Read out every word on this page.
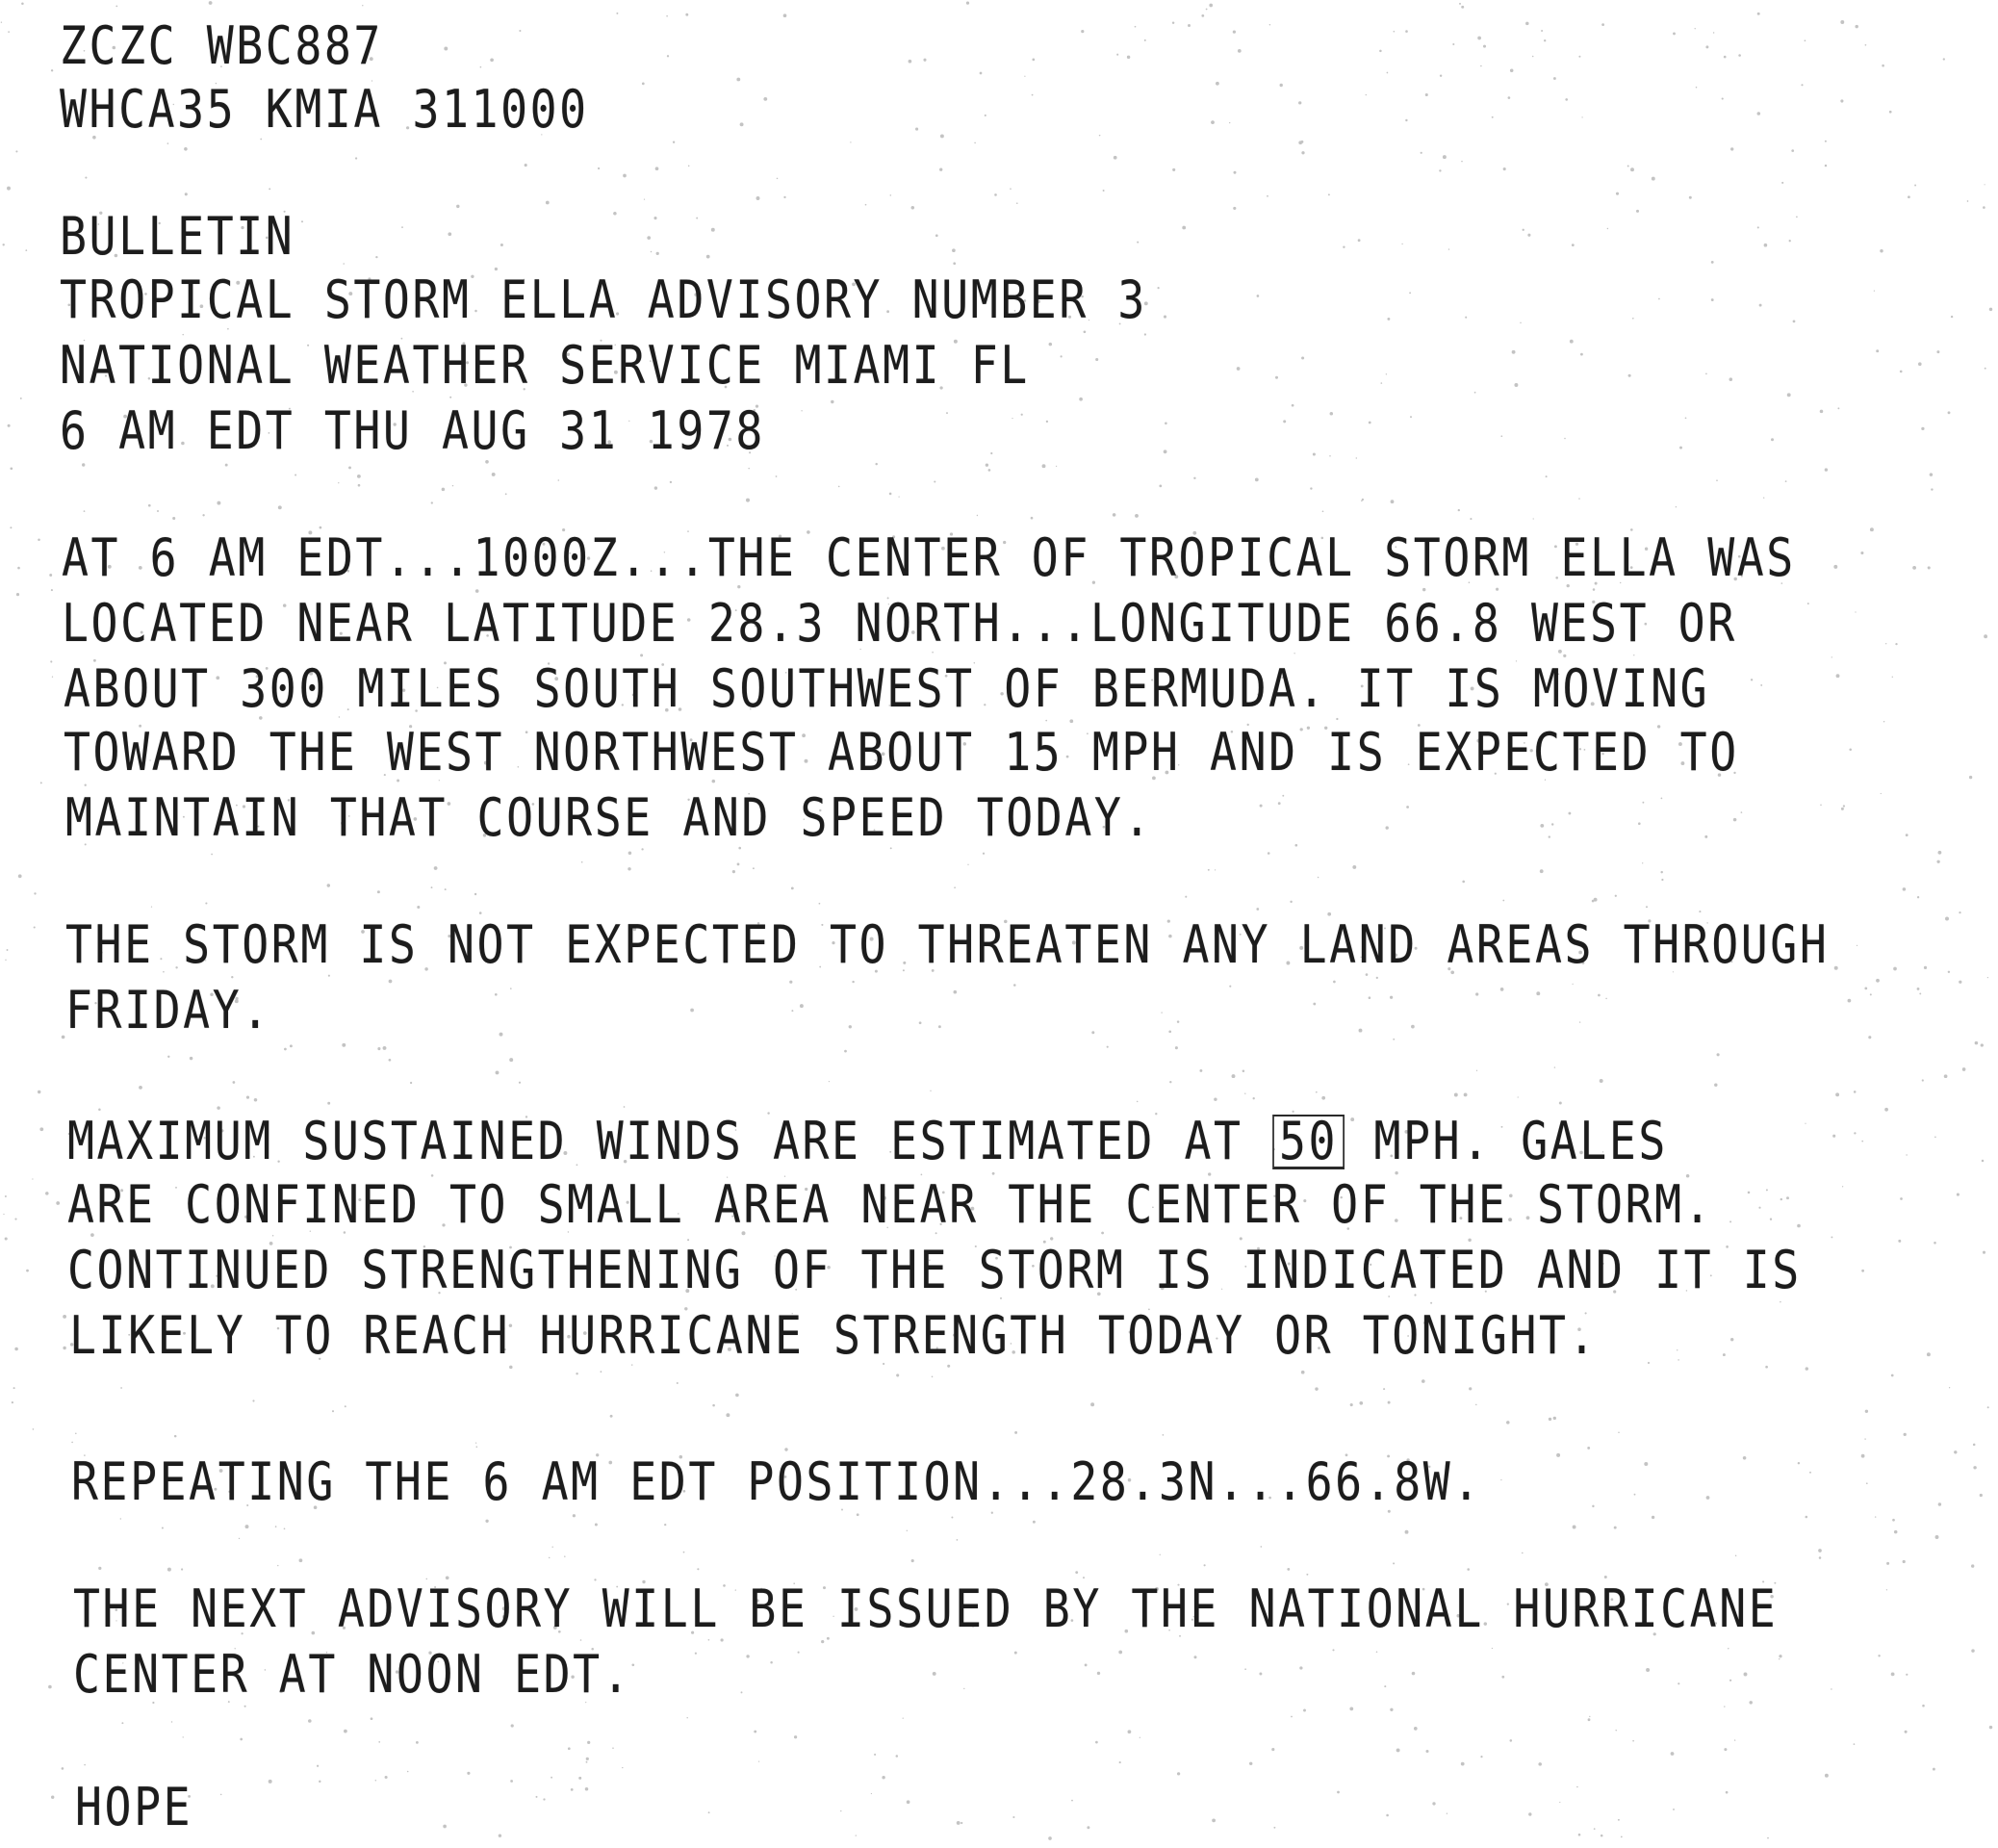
ZCZC WBC887
WHCA35 KMIA 311000
BULLETIN
TROPICAL STORM ELLA ADVISORY NUMBER 3
NATIONAL WEATHER SERVICE MIAMI FL
6 AM EDT THU AUG 31 1978
AT 6 AM EDT...1000Z...THE CENTER OF TROPICAL STORM ELLA WAS
LOCATED NEAR LATITUDE 28.3 NORTH...LONGITUDE 66.8 WEST OR
ABOUT 300 MILES SOUTH SOUTHWEST OF BERMUDA. IT IS MOVING
TOWARD THE WEST NORTHWEST ABOUT 15 MPH AND IS EXPECTED TO
MAINTAIN THAT COURSE AND SPEED TODAY.
THE STORM IS NOT EXPECTED TO THREATEN ANY LAND AREAS THROUGH
FRIDAY.
MAXIMUM SUSTAINED WINDS ARE ESTIMATED AT 50 MPH. GALES
ARE CONFINED TO SMALL AREA NEAR THE CENTER OF THE STORM.
CONTINUED STRENGTHENING OF THE STORM IS INDICATED AND IT IS
LIKELY TO REACH HURRICANE STRENGTH TODAY OR TONIGHT.
REPEATING THE 6 AM EDT POSITION...28.3N...66.8W.
THE NEXT ADVISORY WILL BE ISSUED BY THE NATIONAL HURRICANE
CENTER AT NOON EDT.
HOPE
